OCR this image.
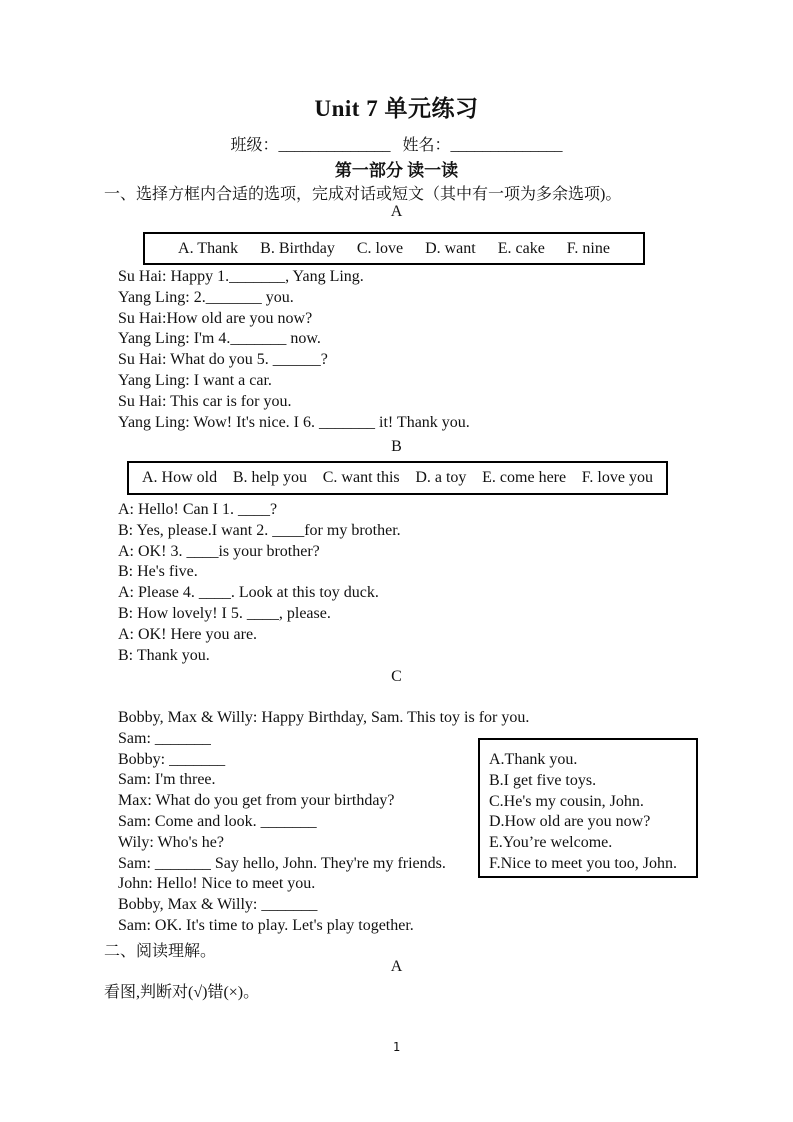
Unit 7 单元练习
班级：______________ 姓名：______________
第一部分 读一读
一、选择方框内合适的选项，完成对话或短文（其中有一项为多余选项)。
A
A. Thank B. Birthday C. love D. want E. cake F. nine
Su Hai: Happy 1._______, Yang Ling.
Yang Ling: 2._______ you.
Su Hai:How old are you now?
Yang Ling: I'm 4._______ now.
Su Hai: What do you 5. ______?
Yang Ling: I want a car.
Su Hai: This car is for you.
Yang Ling: Wow! It's nice. I 6. _______ it! Thank you.
B
A. How old B. help you C. want this D. a toy E. come here F. love you
A: Hello! Can I 1. ____?
B: Yes, please.I want 2. ____for my brother.
A: OK! 3. ____is your brother?
B: He's five.
A: Please 4. ____. Look at this toy duck.
B: How lovely! I 5. ____, please.
A: OK! Here you are.
B: Thank you.
C
Bobby, Max & Willy: Happy Birthday, Sam. This toy is for you.
Sam: _______
Bobby: _______
Sam: I'm three.
Max: What do you get from your birthday?
Sam: Come and look. _______
Wily: Who's he?
Sam: _______ Say hello, John. They're my friends.
John: Hello! Nice to meet you.
Bobby, Max & Willy: _______
Sam: OK. It's time to play. Let's play together.
A.Thank you.
B.I get five toys.
C.He's my cousin, John.
D.How old are you now?
E.You’re welcome.
F.Nice to meet you too, John.
二、阅读理解。
A
看图,判断对(√)错(×)。
1
